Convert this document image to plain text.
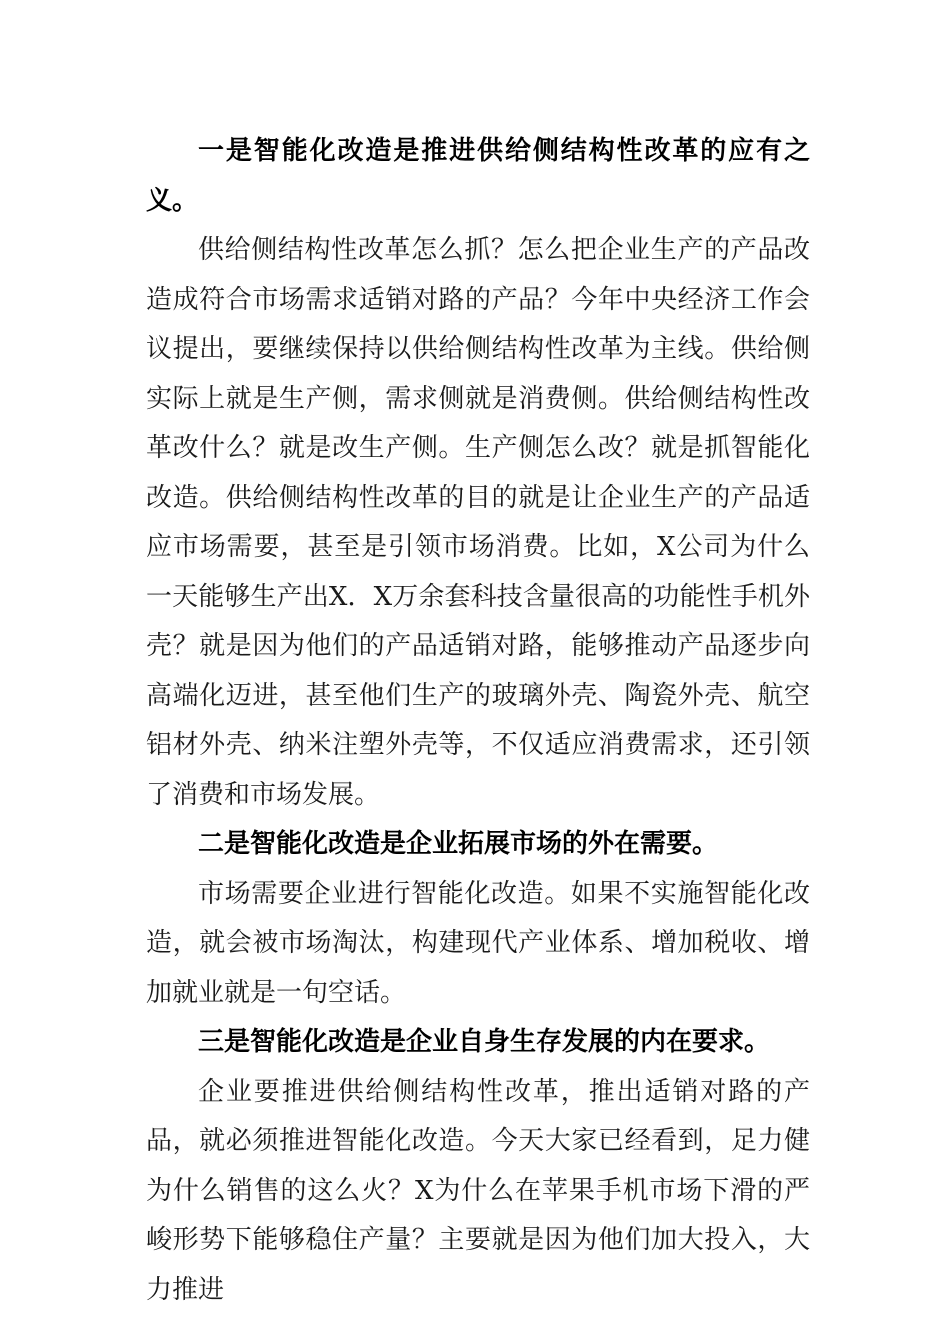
一是智能化改造是推进供给侧结构性改革的应有之义。

供给侧结构性改革怎么抓？怎么把企业生产的产品改造成符合市场需求适销对路的产品？今年中央经济工作会议提出，要继续保持以供给侧结构性改革为主线。供给侧实际上就是生产侧，需求侧就是消费侧。供给侧结构性改革改什么？就是改生产侧。生产侧怎么改？就是抓智能化改造。供给侧结构性改革的目的就是让企业生产的产品适应市场需要，甚至是引领市场消费。比如，X公司为什么一天能够生产出X．X万余套科技含量很高的功能性手机外壳？就是因为他们的产品适销对路，能够推动产品逐步向高端化迈进，甚至他们生产的玻璃外壳、陶瓷外壳、航空铝材外壳、纳米注塑外壳等，不仅适应消费需求，还引领了消费和市场发展。

二是智能化改造是企业拓展市场的外在需要。

市场需要企业进行智能化改造。如果不实施智能化改造，就会被市场淘汰，构建现代产业体系、增加税收、增加就业就是一句空话。

三是智能化改造是企业自身生存发展的内在要求。

企业要推进供给侧结构性改革，推出适销对路的产品，就必须推进智能化改造。今天大家已经看到，足力健为什么销售的这么火？X为什么在苹果手机市场下滑的严峻形势下能够稳住产量？主要就是因为他们加大投入，大力推进
